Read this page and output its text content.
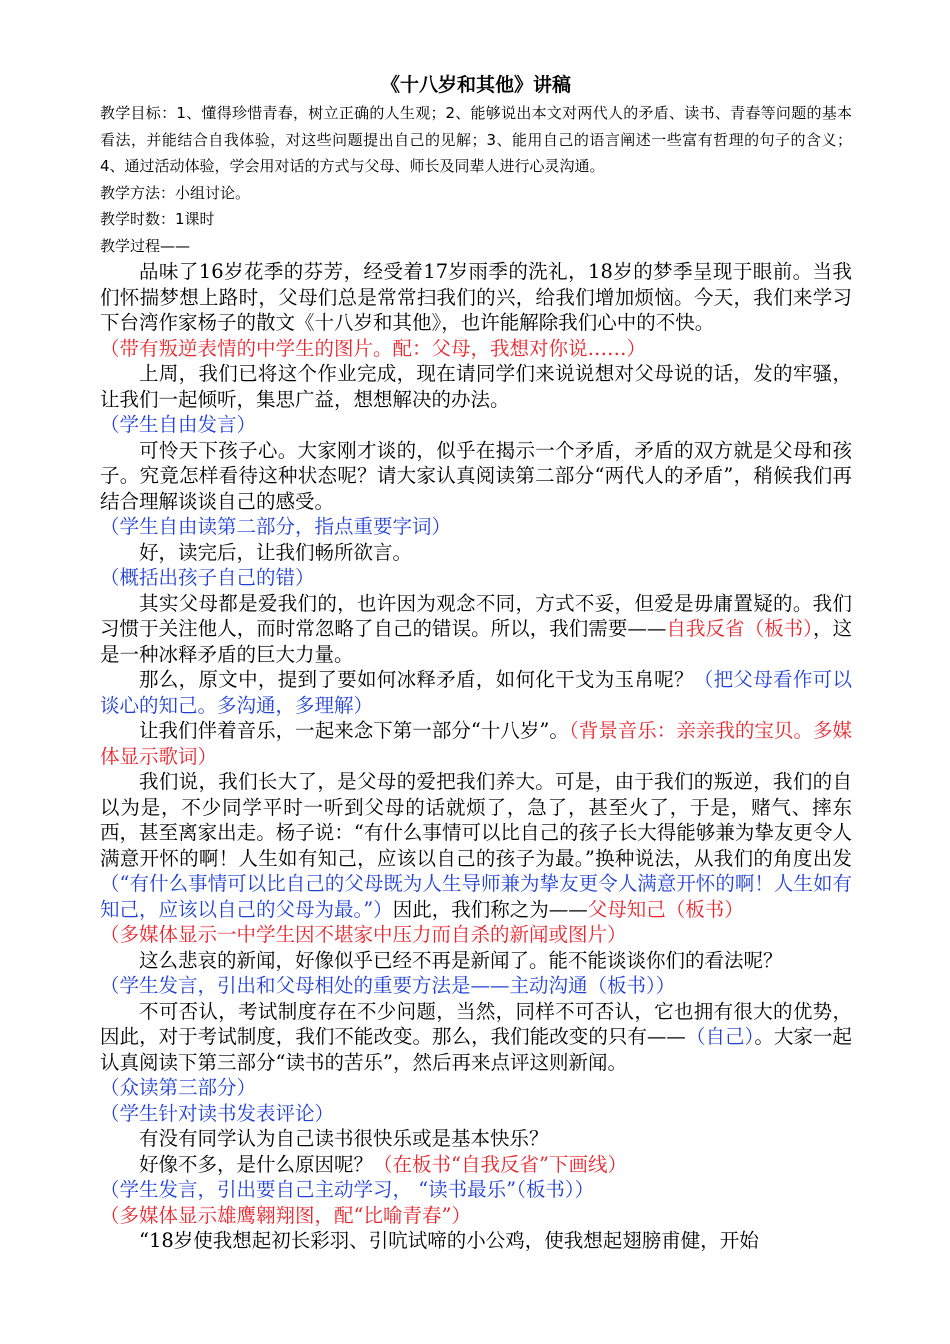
《十八岁和其他》讲稿

教学目标：1、懂得珍惜青春，树立正确的人生观；2、能够说出本文对两代人的矛盾、读书、青春等问题的基本看法，并能结合自我体验，对这些问题提出自己的见解；3、能用自己的语言阐述一些富有哲理的句子的含义；4、通过活动体验，学会用对话的方式与父母、师长及同辈人进行心灵沟通。

教学方法：小组讨论。

教学时数：1课时

教学过程——

品味了16岁花季的芬芳，经受着17岁雨季的洗礼，18岁的梦季呈现于眼前。当我们怀揣梦想上路时，父母们总是常常扫我们的兴，给我们增加烦恼。今天，我们来学习下台湾作家杨子的散文《十八岁和其他》，也许能解除我们心中的不快。

（带有叛逆表情的中学生的图片。配：父母，我想对你说……）

上周，我们已将这个作业完成，现在请同学们来说说想对父母说的话，发的牢骚，让我们一起倾听，集思广益，想想解决的办法。

（学生自由发言）

可怜天下孩子心。大家刚才谈的，似乎在揭示一个矛盾，矛盾的双方就是父母和孩子。究竟怎样看待这种状态呢？请大家认真阅读第二部分“两代人的矛盾”，稍候我们再结合理解谈谈自己的感受。

（学生自由读第二部分，指点重要字词）

好，读完后，让我们畅所欲言。

（概括出孩子自己的错）

其实父母都是爱我们的，也许因为观念不同，方式不妥，但爱是毋庸置疑的。我们习惯于关注他人，而时常忽略了自己的错误。所以，我们需要——自我反省（板书），这是一种冰释矛盾的巨大力量。

那么，原文中，提到了要如何冰释矛盾，如何化干戈为玉帛呢？（把父母看作可以谈心的知己。多沟通，多理解）

让我们伴着音乐，一起来念下第一部分“十八岁”。（背景音乐：亲亲我的宝贝。多媒体显示歌词）

我们说，我们长大了，是父母的爱把我们养大。可是，由于我们的叛逆，我们的自以为是，不少同学平时一听到父母的话就烦了，急了，甚至火了，于是，赌气、摔东西，甚至离家出走。杨子说：“有什么事情可以比自己的孩子长大得能够兼为挚友更令人满意开怀的啊！人生如有知己，应该以自己的孩子为最。”换种说法，从我们的角度出发（“有什么事情可以比自己的父母既为人生导师兼为挚友更令人满意开怀的啊！人生如有知己，应该以自己的父母为最。”）因此，我们称之为——父母知己（板书）

（多媒体显示一中学生因不堪家中压力而自杀的新闻或图片）

这么悲哀的新闻，好像似乎已经不再是新闻了。能不能谈谈你们的看法呢？

（学生发言，引出和父母相处的重要方法是——主动沟通（板书））

不可否认，考试制度存在不少问题，当然，同样不可否认，它也拥有很大的优势，因此，对于考试制度，我们不能改变。那么，我们能改变的只有——（自己）。大家一起认真阅读下第三部分“读书的苦乐”，然后再来点评这则新闻。

（众读第三部分）

（学生针对读书发表评论）

有没有同学认为自己读书很快乐或是基本快乐？

好像不多，是什么原因呢？（在板书“自我反省”下画线）

（学生发言，引出要自己主动学习， “读书最乐”（板书））

（多媒体显示雄鹰翱翔图，配“比喻青春”）

“18岁使我想起初长彩羽、引吭试啼的小公鸡，使我想起翅膀甫健，开始
